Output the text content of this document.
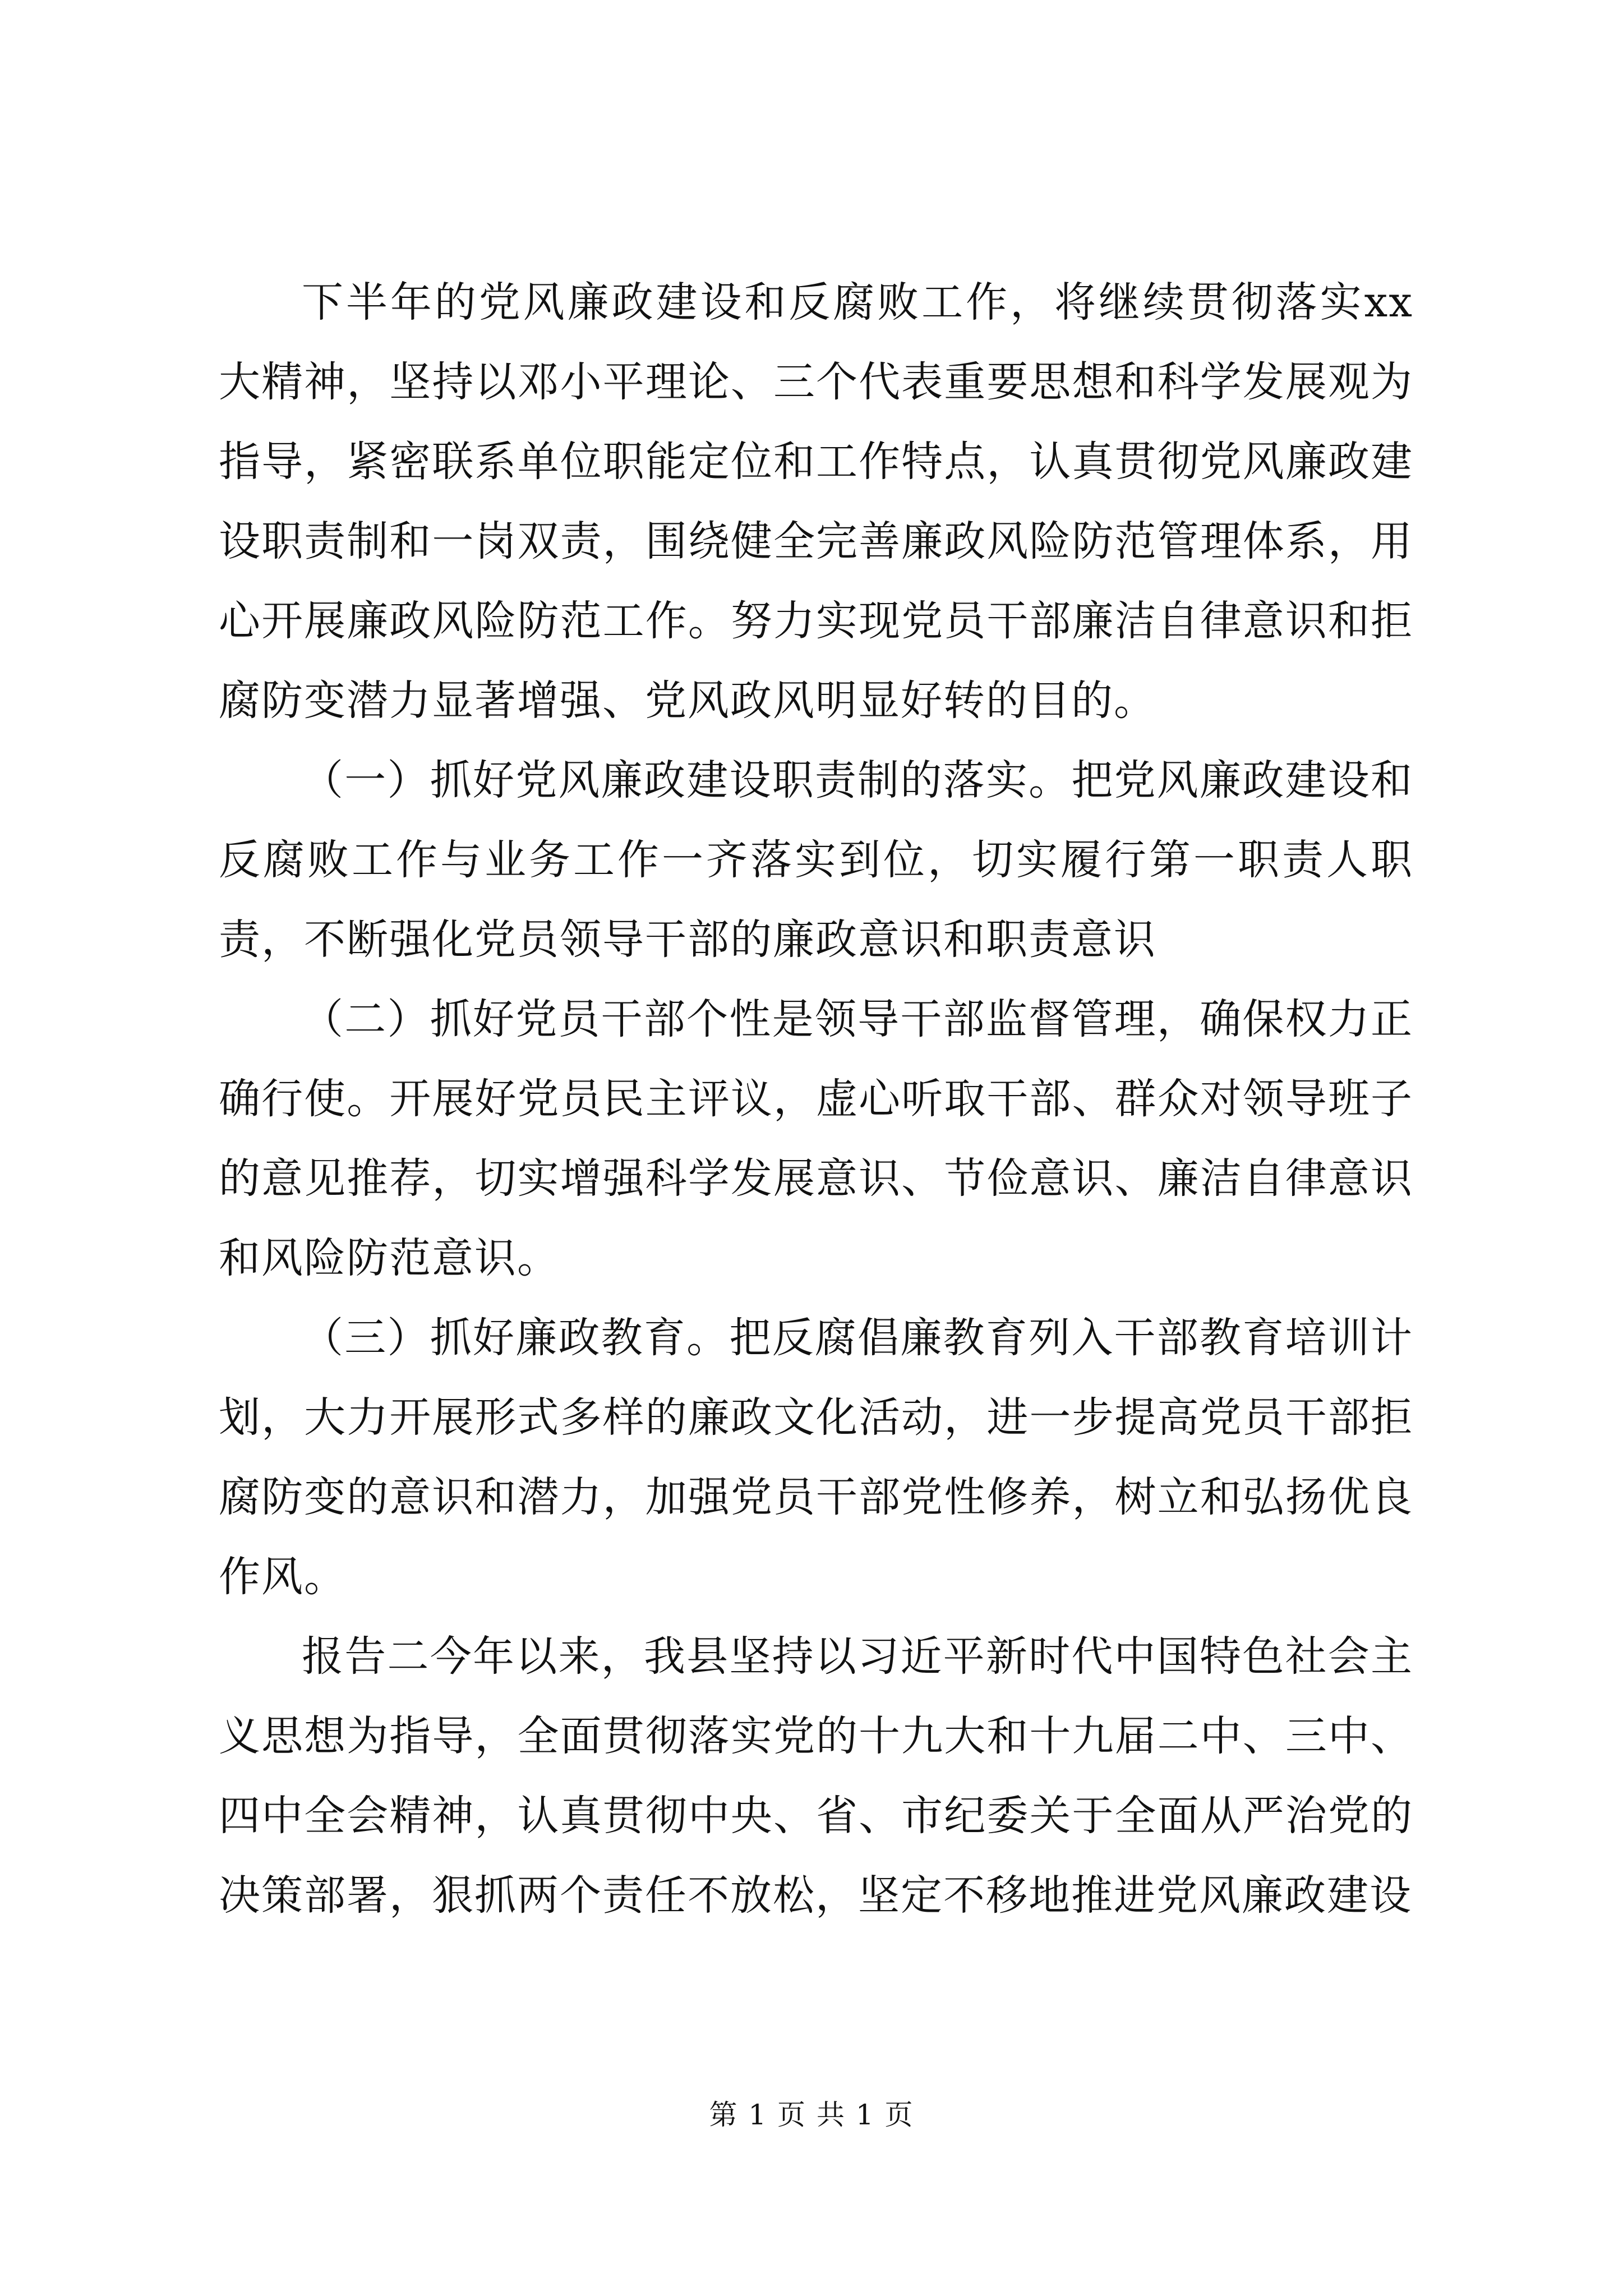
下半年的党风廉政建设和反腐败工作，将继续贯彻落实xx大精神，坚持以邓小平理论、三个代表重要思想和科学发展观为指导，紧密联系单位职能定位和工作特点，认真贯彻党风廉政建设职责制和一岗双责，围绕健全完善廉政风险防范管理体系，用心开展廉政风险防范工作。努力实现党员干部廉洁自律意识和拒腐防变潜力显著增强、党风政风明显好转的目的。

（一）抓好党风廉政建设职责制的落实。把党风廉政建设和反腐败工作与业务工作一齐落实到位，切实履行第一职责人职责，不断强化党员领导干部的廉政意识和职责意识

（二）抓好党员干部个性是领导干部监督管理，确保权力正确行使。开展好党员民主评议，虚心听取干部、群众对领导班子的意见推荐，切实增强科学发展意识、节俭意识、廉洁自律意识和风险防范意识。

（三）抓好廉政教育。把反腐倡廉教育列入干部教育培训计划，大力开展形式多样的廉政文化活动，进一步提高党员干部拒腐防变的意识和潜力，加强党员干部党性修养，树立和弘扬优良作风。

报告二今年以来，我县坚持以习近平新时代中国特色社会主义思想为指导，全面贯彻落实党的十九大和十九届二中、三中、四中全会精神，认真贯彻中央、省、市纪委关于全面从严治党的决策部署，狠抓两个责任不放松，坚定不移地推进党风廉政建设

第 1 页 共 1 页
